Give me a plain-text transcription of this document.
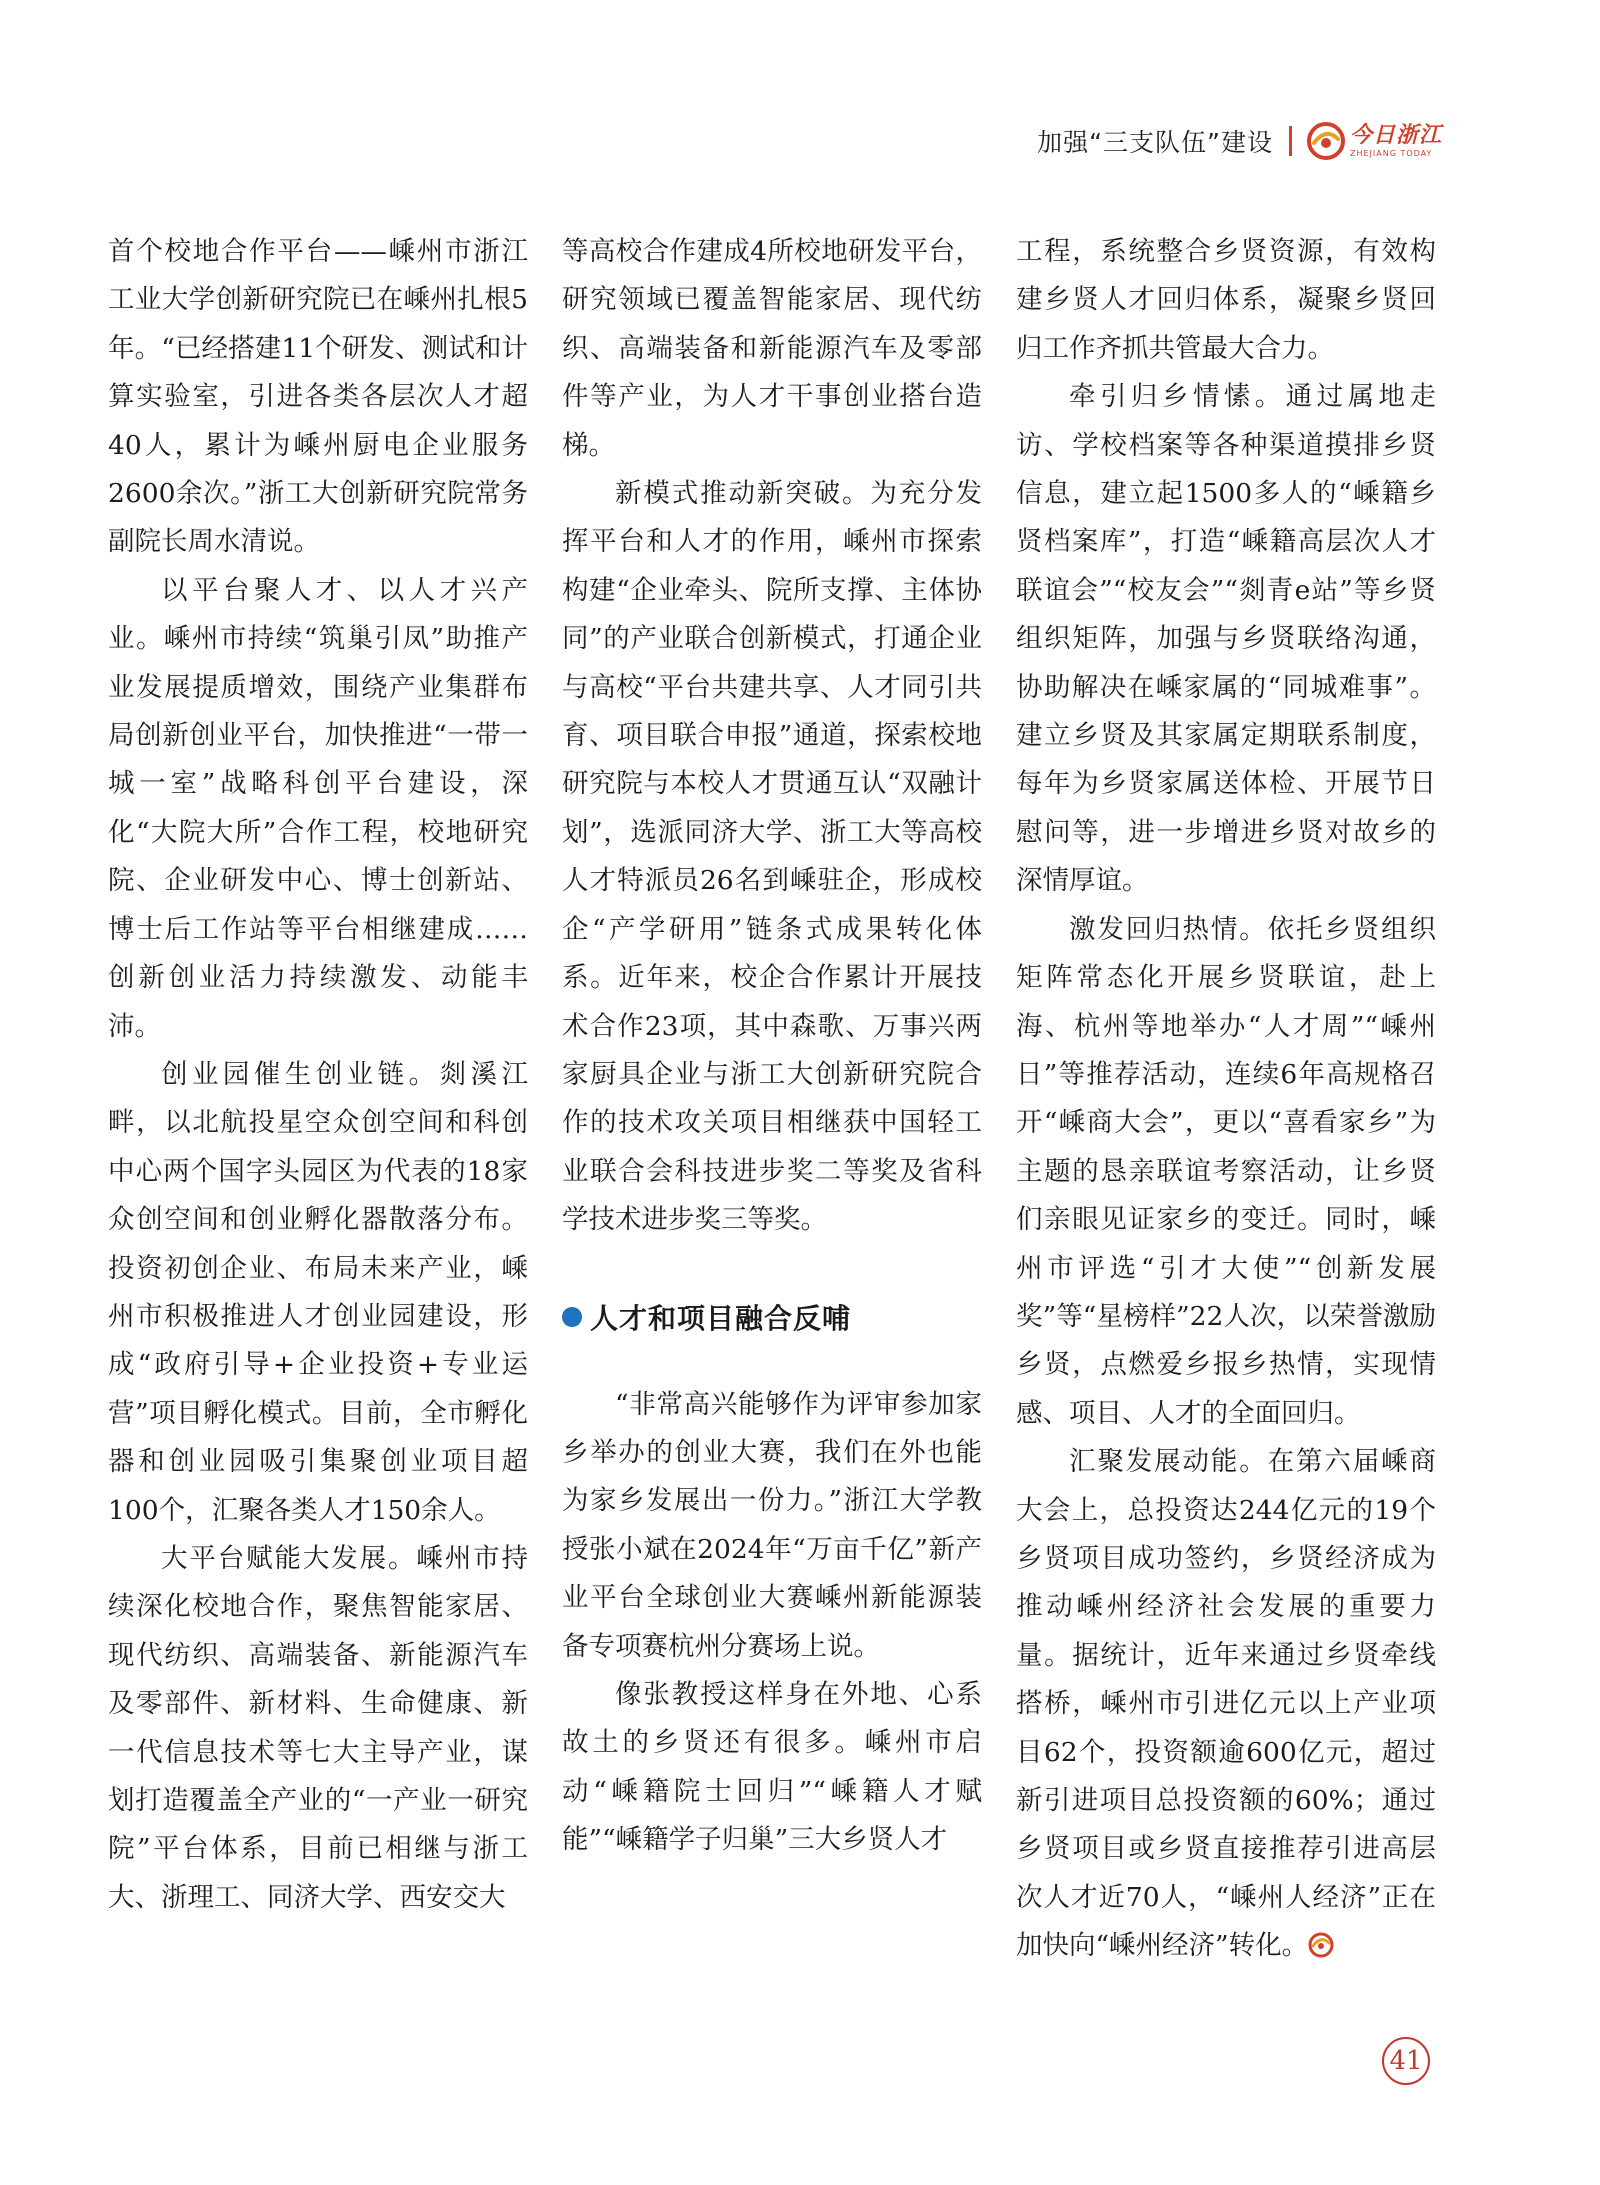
加强“三支队伍”建设	今日浙江
ZHEJIANG TODAY

首个校地合作平台——嵊州市浙江工业大学创新研究院已在嵊州扎根5年。“已经搭建11个研发、测试和计算实验室，引进各类各层次人才超40人，累计为嵊州厨电企业服务2600余次。”浙工大创新研究院常务副院长周水清说。

以平台聚人才、以人才兴产业。嵊州市持续“筑巢引凤”助推产业发展提质增效，围绕产业集群布局创新创业平台，加快推进“一带一城一室”战略科创平台建设，深化“大院大所”合作工程，校地研究院、企业研发中心、博士创新站、博士后工作站等平台相继建成……创新创业活力持续激发、动能丰沛。

创业园催生创业链。剡溪江畔，以北航投星空众创空间和科创中心两个国字头园区为代表的18家众创空间和创业孵化器散落分布。投资初创企业、布局未来产业，嵊州市积极推进人才创业园建设，形成“政府引导+企业投资+专业运营”项目孵化模式。目前，全市孵化器和创业园吸引集聚创业项目超100个，汇聚各类人才150余人。

大平台赋能大发展。嵊州市持续深化校地合作，聚焦智能家居、现代纺织、高端装备、新能源汽车及零部件、新材料、生命健康、新一代信息技术等七大主导产业，谋划打造覆盖全产业的“一产业一研究院”平台体系，目前已相继与浙工大、浙理工、同济大学、西安交大

等高校合作建成4所校地研发平台，研究领域已覆盖智能家居、现代纺织、高端装备和新能源汽车及零部件等产业，为人才干事创业搭台造梯。

新模式推动新突破。为充分发挥平台和人才的作用，嵊州市探索构建“企业牵头、院所支撑、主体协同”的产业联合创新模式，打通企业与高校“平台共建共享、人才同引共育、项目联合申报”通道，探索校地研究院与本校人才贯通互认“双融计划”，选派同济大学、浙工大等高校人才特派员26名到嵊驻企，形成校企“产学研用”链条式成果转化体系。近年来，校企合作累计开展技术合作23项，其中森歌、万事兴两家厨具企业与浙工大创新研究院合作的技术攻关项目相继获中国轻工业联合会科技进步奖二等奖及省科学技术进步奖三等奖。

人才和项目融合反哺

“非常高兴能够作为评审参加家乡举办的创业大赛，我们在外也能为家乡发展出一份力。”浙江大学教授张小斌在2024年“万亩千亿”新产业平台全球创业大赛嵊州新能源装备专项赛杭州分赛场上说。

像张教授这样身在外地、心系故土的乡贤还有很多。嵊州市启动“嵊籍院士回归”“嵊籍人才赋能”“嵊籍学子归巢”三大乡贤人才

工程，系统整合乡贤资源，有效构建乡贤人才回归体系，凝聚乡贤回归工作齐抓共管最大合力。

牵引归乡情愫。通过属地走访、学校档案等各种渠道摸排乡贤信息，建立起1500多人的“嵊籍乡贤档案库”，打造“嵊籍高层次人才联谊会”“校友会”“剡青e站”等乡贤组织矩阵，加强与乡贤联络沟通，协助解决在嵊家属的“同城难事”。建立乡贤及其家属定期联系制度，每年为乡贤家属送体检、开展节日慰问等，进一步增进乡贤对故乡的深情厚谊。

激发回归热情。依托乡贤组织矩阵常态化开展乡贤联谊，赴上海、杭州等地举办“人才周”“嵊州日”等推荐活动，连续6年高规格召开“嵊商大会”，更以“喜看家乡”为主题的恳亲联谊考察活动，让乡贤们亲眼见证家乡的变迁。同时，嵊州市评选“引才大使”“创新发展奖”等“星榜样”22人次，以荣誉激励乡贤，点燃爱乡报乡热情，实现情感、项目、人才的全面回归。

汇聚发展动能。在第六届嵊商大会上，总投资达244亿元的19个乡贤项目成功签约，乡贤经济成为推动嵊州经济社会发展的重要力量。据统计，近年来通过乡贤牵线搭桥，嵊州市引进亿元以上产业项目62个，投资额逾600亿元，超过新引进项目总投资额的60%；通过乡贤项目或乡贤直接推荐引进高层次人才近70人，“嵊州人经济”正在加快向“嵊州经济”转化。

41
